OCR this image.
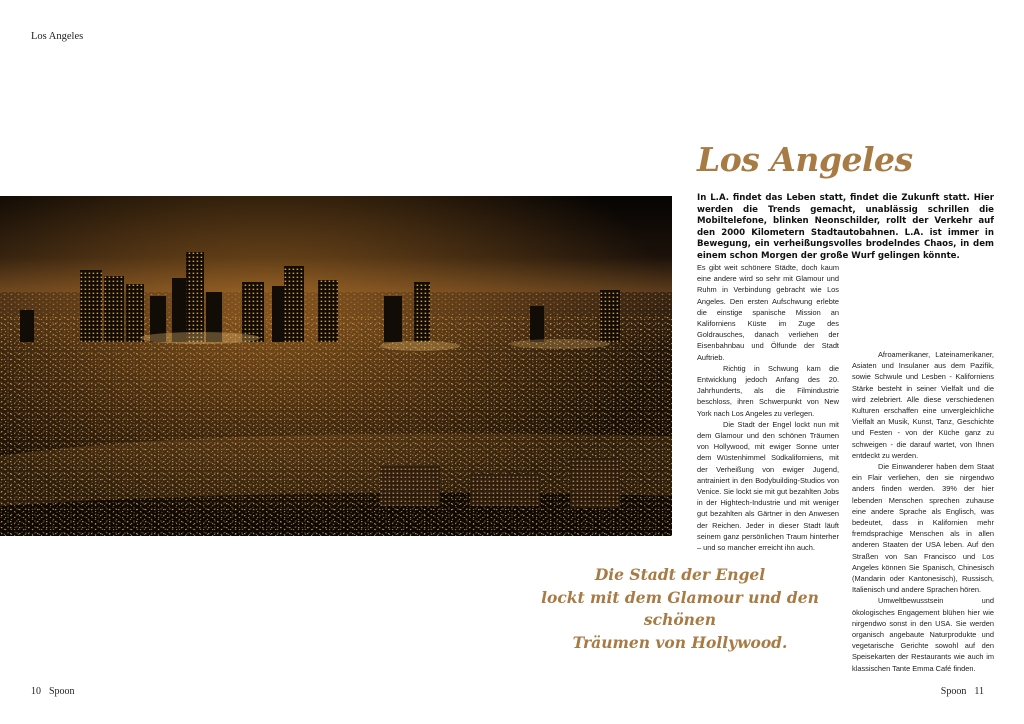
Los Angeles
Los Angeles
In L.A. findet das Leben statt, findet die Zukunft statt. Hier werden die Trends gemacht, unablässig schrillen die Mobiltelefone, blinken Neonschilder, rollt der Verkehr auf den 2000 Kilometern Stadtautobahnen. L.A. ist immer in Bewegung, ein verheißungsvolles brodelndes Chaos, in dem einem schon Morgen der große Wurf gelingen könnte.

Es gibt weit schönere Städte, doch kaum eine andere wird so sehr mit Glamour und Ruhm in Verbindung gebracht wie Los Angeles. Den ersten Aufschwung erlebte die einstige spanische Mission an Kaliforniens Küste im Zuge des Goldrausches, danach verliehen der Eisenbahnbau und Ölfunde der Stadt Auftrieb.

Richtig in Schwung kam die Entwicklung jedoch Anfang des 20. Jahrhunderts, als die Filmindustrie beschloss, ihren Schwerpunkt von New York nach Los Angeles zu verlegen.

Die Stadt der Engel lockt nun mit dem Glamour und den schönen Träumen von Hollywood, mit ewiger Sonne unter dem Wüstenhimmel Südkaliforniens, mit der Verheißung von ewiger Jugend, antrainiert in den Bodybuilding-Studios von Venice. Sie lockt sie mit gut bezahlten Jobs in der Hightech-Industrie und mit weniger gut bezahlten als Gärtner in den Anwesen der Reichen. Jeder in dieser Stadt läuft seinem ganz persönlichen Traum hinterher – und so mancher erreicht ihn auch.

Afroamerikaner, Lateinamerikaner, Asiaten und Insulaner aus dem Pazifik, sowie Schwule und Lesben - Kaliforniens Stärke besteht in seiner Vielfalt und die wird zelebriert. Alle diese verschiedenen Kulturen erschaffen eine unvergleichliche Vielfalt an Musik, Kunst, Tanz, Geschichte und Festen - von der Küche ganz zu schweigen - die darauf wartet, von Ihnen entdeckt zu werden.

Die Einwanderer haben dem Staat ein Flair verliehen, den sie nirgendwo anders finden werden. 39% der hier lebenden Menschen sprechen zuhause eine andere Sprache als Englisch, was bedeutet, dass in Kalifornien mehr fremdsprachige Menschen als in allen anderen Staaten der USA leben. Auf den Straßen von San Francisco und Los Angeles können Sie Spanisch, Chinesisch (Mandarin oder Kantonesisch), Russisch, Italienisch und andere Sprachen hören.

Umweltbewusstsein und ökologisches Engagement blühen hier wie nirgendwo sonst in den USA. Sie werden organisch angebaute Naturprodukte und vegetarische Gerichte sowohl auf den Speisekarten der Restaurants wie auch im klassischen Tante Emma Café finden.

Die Stadt der Engel
lockt mit dem Glamour und den schönen
Träumen von Hollywood.
10 Spoon	Spoon 11
